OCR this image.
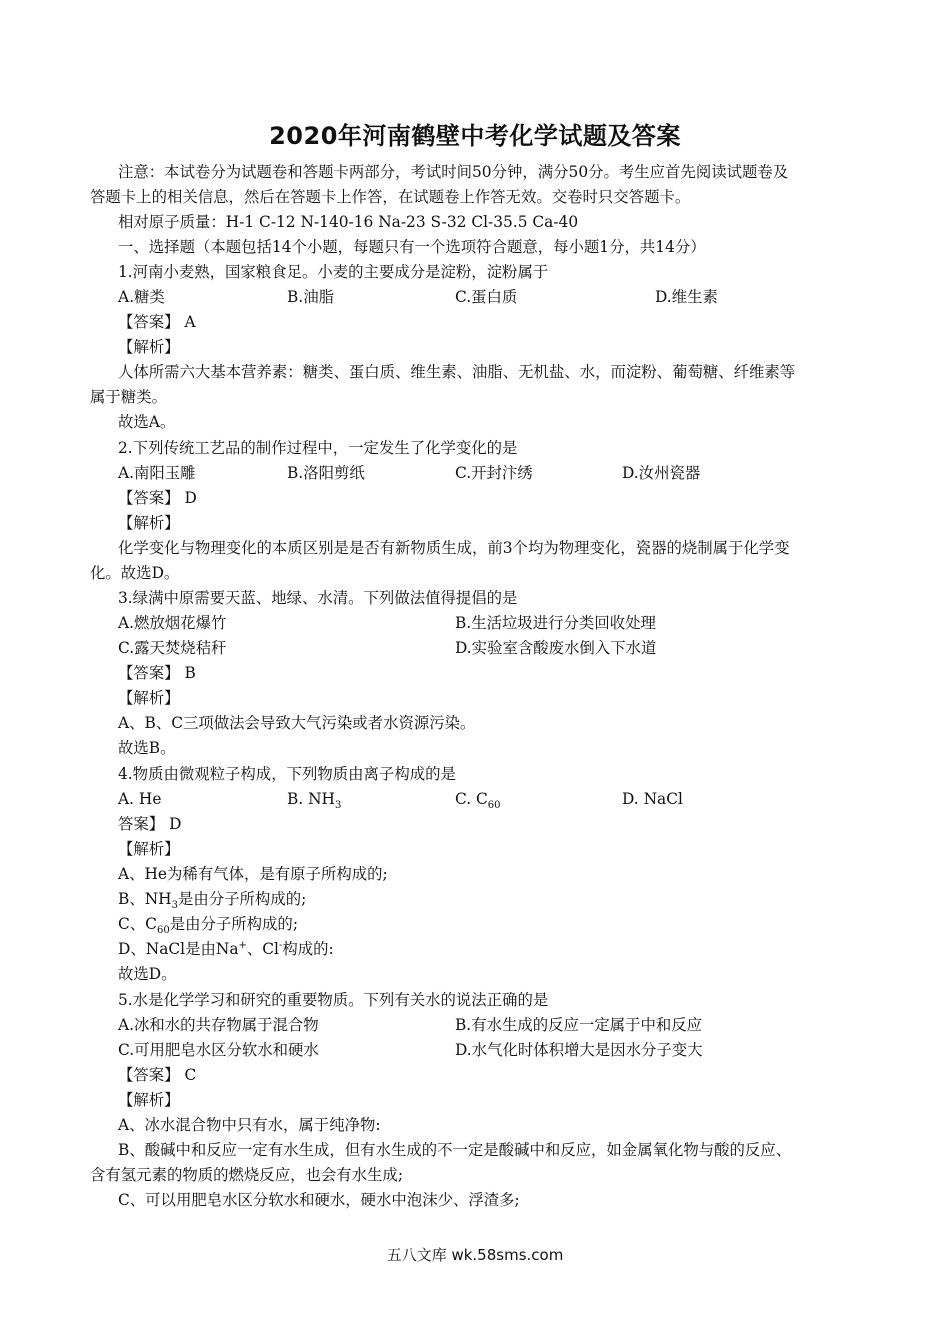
2020年河南鹤壁中考化学试题及答案
注意：本试卷分为试题卷和答题卡两部分，考试时间50分钟，满分50分。考生应首先阅读试题卷及
答题卡上的相关信息，然后在答题卡上作答，在试题卷上作答无效。交卷时只交答题卡。
相对原子质量：H-1 C-12 N-140-16 Na-23 S-32 Cl-35.5 Ca-40
一、选择题（本题包括14个小题，每题只有一个选项符合题意，每小题1分，共14分）
1.河南小麦熟，国家粮食足。小麦的主要成分是淀粉，淀粉属于
A.糖类	B.油脂	C.蛋白质	D.维生素
【答案】 A
【解析】
人体所需六大基本营养素：糖类、蛋白质、维生素、油脂、无机盐、水，而淀粉、葡萄糖、纤维素等
属于糖类。
故选A。
2.下列传统工艺品的制作过程中，一定发生了化学变化的是
A.南阳玉雕	B.洛阳剪纸	C.开封汴绣	D.汝州瓷器
【答案】 D
【解析】
化学变化与物理变化的本质区别是是否有新物质生成，前3个均为物理变化，瓷器的烧制属于化学变
化。故选D。
3.绿满中原需要天蓝、地绿、水清。下列做法值得提倡的是
A.燃放烟花爆竹	B.生活垃圾进行分类回收处理
C.露天焚烧秸秆	D.实验室含酸废水倒入下水道
【答案】 B
【解析】
A、B、C三项做法会导致大气污染或者水资源污染。
故选B。
4.物质由微观粒子构成，下列物质由离子构成的是
A. He	B. $NH_3$	C. $C_{60}$	D. NaCl
答案】 D
【解析】
A、He为稀有气体，是有原子所构成的;
B、$NH_3$是由分子所构成的;
C、$C_{60}$是由分子所构成的;
D、NaCl是由Na+、Cl-构成的:
故选D。
5.水是化学学习和研究的重要物质。下列有关水的说法正确的是
A.冰和水的共存物属于混合物	B.有水生成的反应一定属于中和反应
C.可用肥皂水区分软水和硬水	D.水气化时体积增大是因水分子变大
【答案】 C
【解析】
A、冰水混合物中只有水，属于纯净物:
B、酸碱中和反应一定有水生成，但有水生成的不一定是酸碱中和反应，如金属氧化物与酸的反应、
含有氢元素的物质的燃烧反应，也会有水生成;
C、可以用肥皂水区分软水和硬水，硬水中泡沫少、浮渣多;
五八文库 wk.58sms.com
